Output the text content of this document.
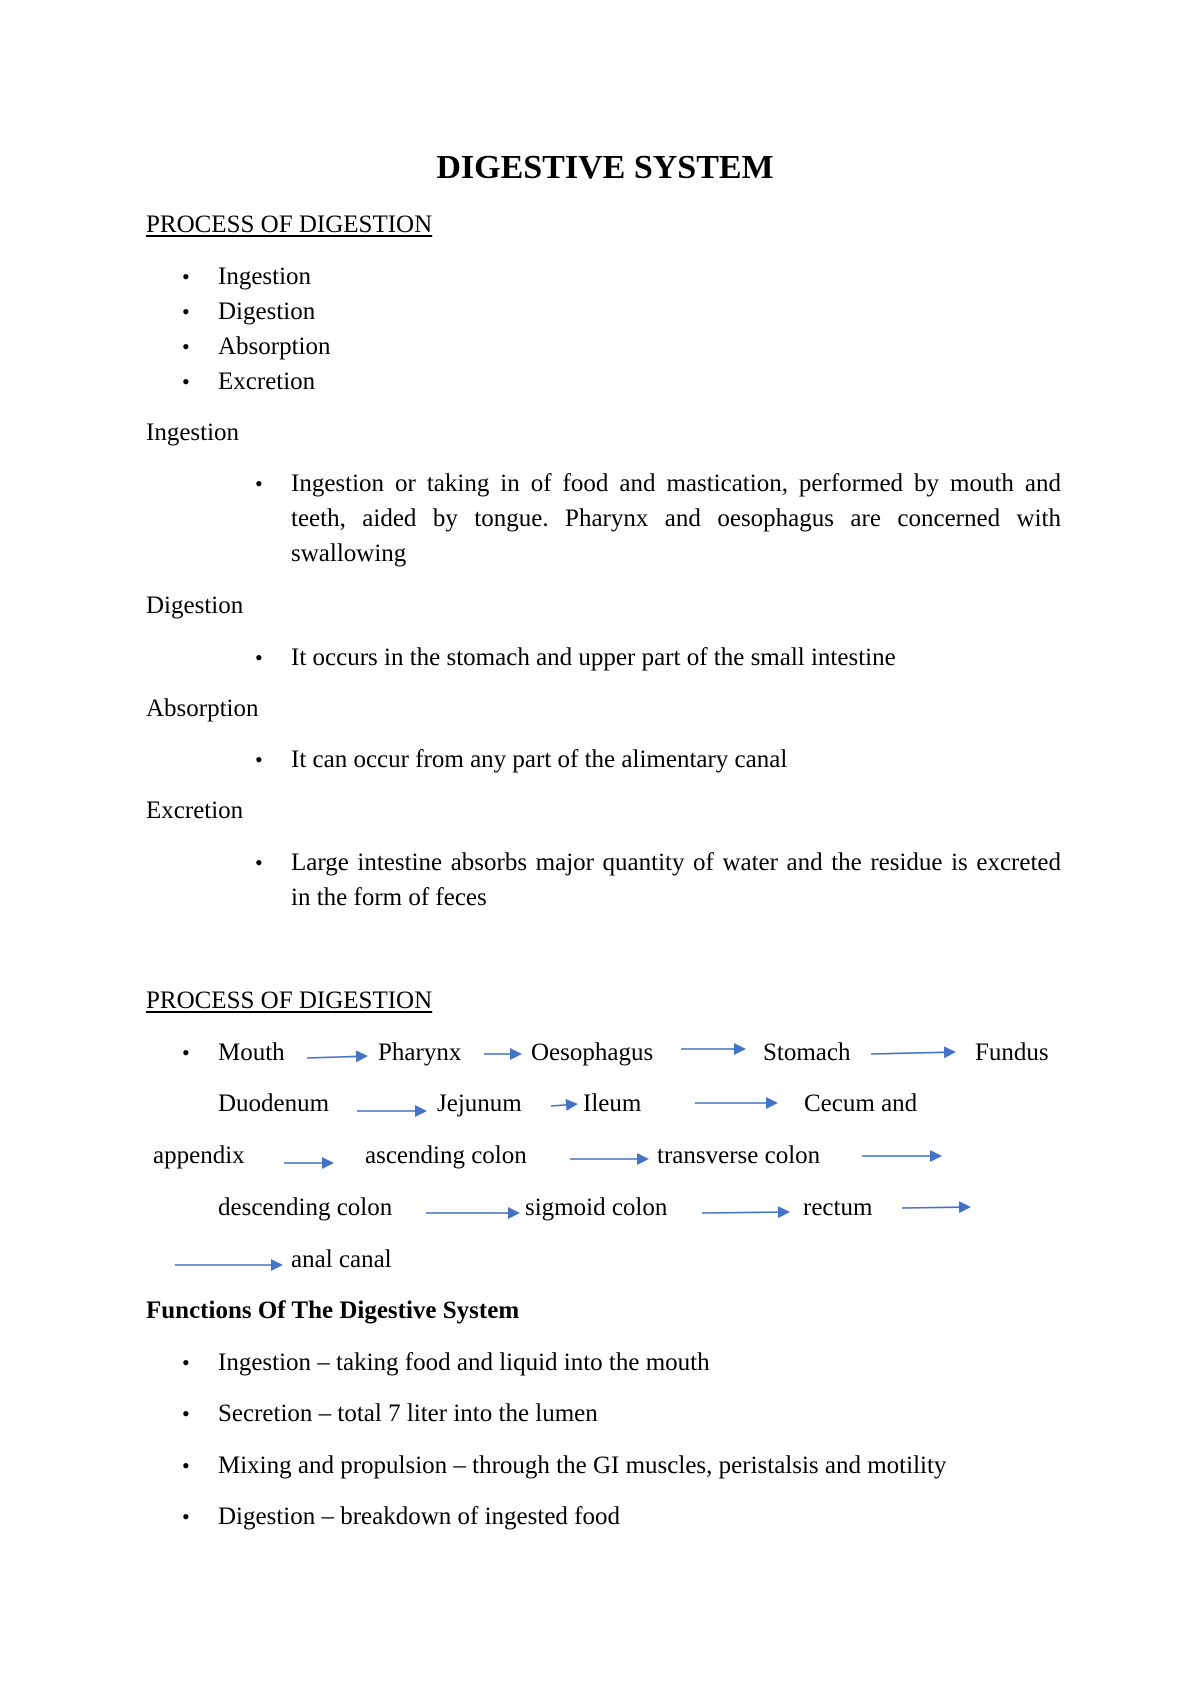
DIGESTIVE SYSTEM
PROCESS OF DIGESTION
• Ingestion
• Digestion
• Absorption
• Excretion
Ingestion
• Ingestion or taking in of food and mastication, performed by mouth and teeth, aided by tongue. Pharynx and oesophagus are concerned with swallowing
Digestion
• It occurs in the stomach and upper part of the small intestine
Absorption
• It can occur from any part of the alimentary canal
Excretion
• Large intestine absorbs major quantity of water and the residue is excreted in the form of feces
PROCESS OF DIGESTION
• Mouth	Pharynx	Oesophagus	Stomach	Fundus
Duodenum	Jejunum Ileum	Cecum and
appendix	ascending colon	transverse colon
descending colon	sigmoid colon	rectum
anal canal
Functions Of The Digestive System
• Ingestion – taking food and liquid into the mouth
• Secretion – total 7 liter into the lumen
• Mixing and propulsion – through the GI muscles, peristalsis and motility
• Digestion – breakdown of ingested food
